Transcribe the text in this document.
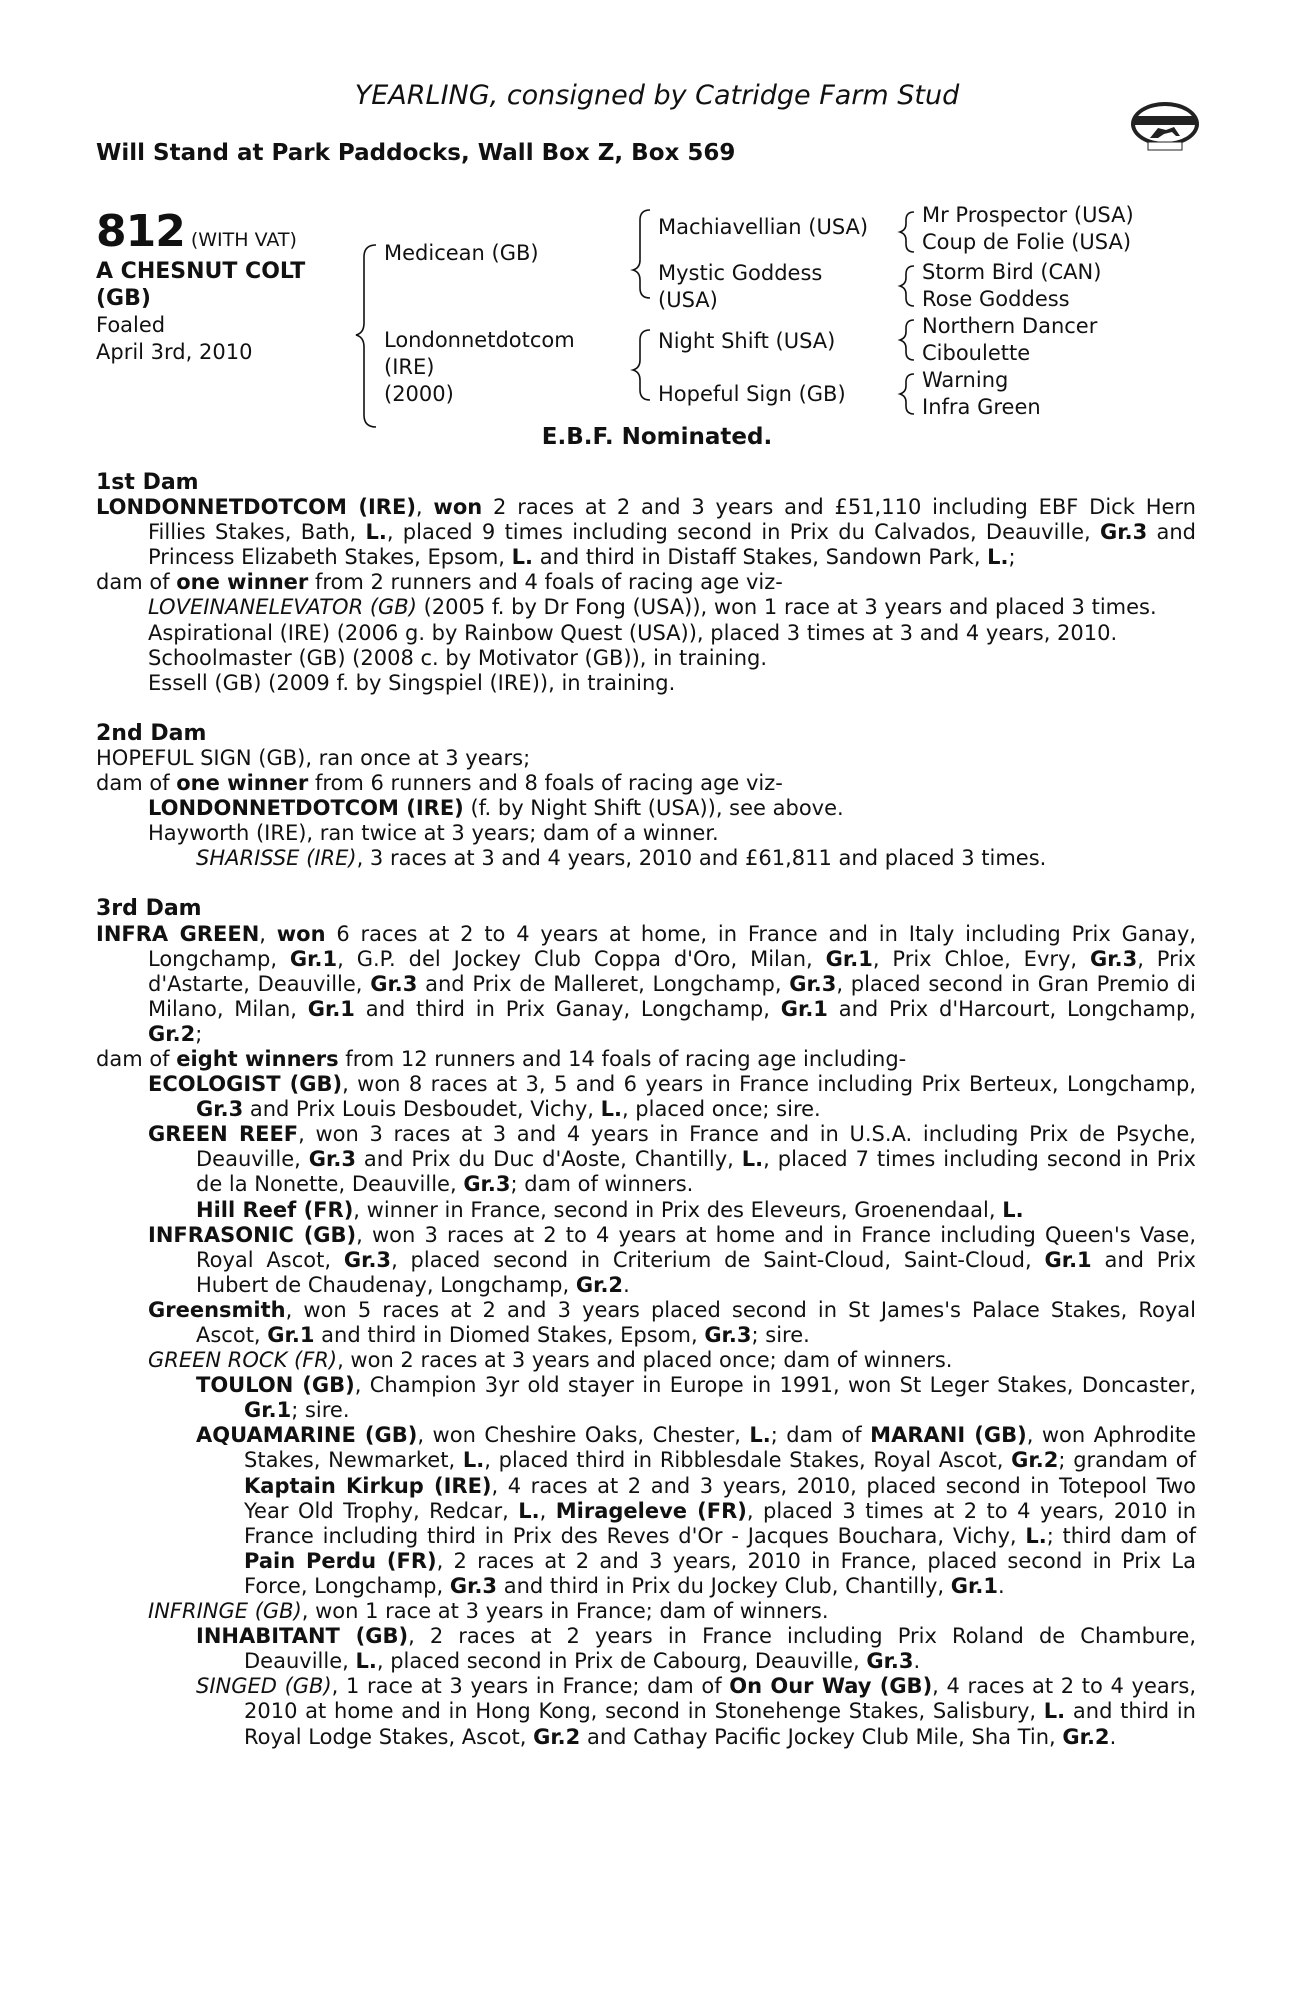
YEARLING, consigned by Catridge Farm Stud
Will Stand at Park Paddocks, Wall Box Z, Box 569
812 (WITH VAT)
A CHESNUT COLT
(GB)
Foaled
April 3rd, 2010
Medicean (GB)
Londonnetdotcom
(IRE)
(2000)
Machiavellian (USA)
Mystic Goddess
(USA)
Night Shift (USA)
Hopeful Sign (GB)
Mr Prospector (USA)
Coup de Folie (USA)
Storm Bird (CAN)
Rose Goddess
Northern Dancer
Ciboulette
Warning
Infra Green
E.B.F. Nominated.

1st Dam

LONDONNETDOTCOM (IRE), won 2 races at 2 and 3 years and £51,110 including EBF Dick Hern Fillies Stakes, Bath, L., placed 9 times including second in Prix du Calvados, Deauville, Gr.3 and Princess Elizabeth Stakes, Epsom, L. and third in Distaff Stakes, Sandown Park, L.;

dam of one winner from 2 runners and 4 foals of racing age viz-

LOVEINANELEVATOR (GB) (2005 f. by Dr Fong (USA)), won 1 race at 3 years and placed 3 times.

Aspirational (IRE) (2006 g. by Rainbow Quest (USA)), placed 3 times at 3 and 4 years, 2010.

Schoolmaster (GB) (2008 c. by Motivator (GB)), in training.

Essell (GB) (2009 f. by Singspiel (IRE)), in training.

2nd Dam

HOPEFUL SIGN (GB), ran once at 3 years;

dam of one winner from 6 runners and 8 foals of racing age viz-

LONDONNETDOTCOM (IRE) (f. by Night Shift (USA)), see above.

Hayworth (IRE), ran twice at 3 years; dam of a winner.

SHARISSE (IRE), 3 races at 3 and 4 years, 2010 and £61,811 and placed 3 times.

3rd Dam

INFRA GREEN, won 6 races at 2 to 4 years at home, in France and in Italy including Prix Ganay, Longchamp, Gr.1, G.P. del Jockey Club Coppa d'Oro, Milan, Gr.1, Prix Chloe, Evry, Gr.3, Prix d'Astarte, Deauville, Gr.3 and Prix de Malleret, Longchamp, Gr.3, placed second in Gran Premio di Milano, Milan, Gr.1 and third in Prix Ganay, Longchamp, Gr.1 and Prix d'Harcourt, Longchamp, Gr.2;

dam of eight winners from 12 runners and 14 foals of racing age including-

ECOLOGIST (GB), won 8 races at 3, 5 and 6 years in France including Prix Berteux, Longchamp, Gr.3 and Prix Louis Desboudet, Vichy, L., placed once; sire.

GREEN REEF, won 3 races at 3 and 4 years in France and in U.S.A. including Prix de Psyche, Deauville, Gr.3 and Prix du Duc d'Aoste, Chantilly, L., placed 7 times including second in Prix de la Nonette, Deauville, Gr.3; dam of winners.

Hill Reef (FR), winner in France, second in Prix des Eleveurs, Groenendaal, L.

INFRASONIC (GB), won 3 races at 2 to 4 years at home and in France including Queen's Vase, Royal Ascot, Gr.3, placed second in Criterium de Saint-Cloud, Saint-Cloud, Gr.1 and Prix Hubert de Chaudenay, Longchamp, Gr.2.

Greensmith, won 5 races at 2 and 3 years placed second in St James's Palace Stakes, Royal Ascot, Gr.1 and third in Diomed Stakes, Epsom, Gr.3; sire.

GREEN ROCK (FR), won 2 races at 3 years and placed once; dam of winners.

TOULON (GB), Champion 3yr old stayer in Europe in 1991, won St Leger Stakes, Doncaster, Gr.1; sire.

AQUAMARINE (GB), won Cheshire Oaks, Chester, L.; dam of MARANI (GB), won Aphrodite Stakes, Newmarket, L., placed third in Ribblesdale Stakes, Royal Ascot, Gr.2; grandam of Kaptain Kirkup (IRE), 4 races at 2 and 3 years, 2010, placed second in Totepool Two Year Old Trophy, Redcar, L., Mirageleve (FR), placed 3 times at 2 to 4 years, 2010 in France including third in Prix des Reves d'Or - Jacques Bouchara, Vichy, L.; third dam of Pain Perdu (FR), 2 races at 2 and 3 years, 2010 in France, placed second in Prix La Force, Longchamp, Gr.3 and third in Prix du Jockey Club, Chantilly, Gr.1.

INFRINGE (GB), won 1 race at 3 years in France; dam of winners.

INHABITANT (GB), 2 races at 2 years in France including Prix Roland de Chambure, Deauville, L., placed second in Prix de Cabourg, Deauville, Gr.3.

SINGED (GB), 1 race at 3 years in France; dam of On Our Way (GB), 4 races at 2 to 4 years, 2010 at home and in Hong Kong, second in Stonehenge Stakes, Salisbury, L. and third in Royal Lodge Stakes, Ascot, Gr.2 and Cathay Pacific Jockey Club Mile, Sha Tin, Gr.2.
